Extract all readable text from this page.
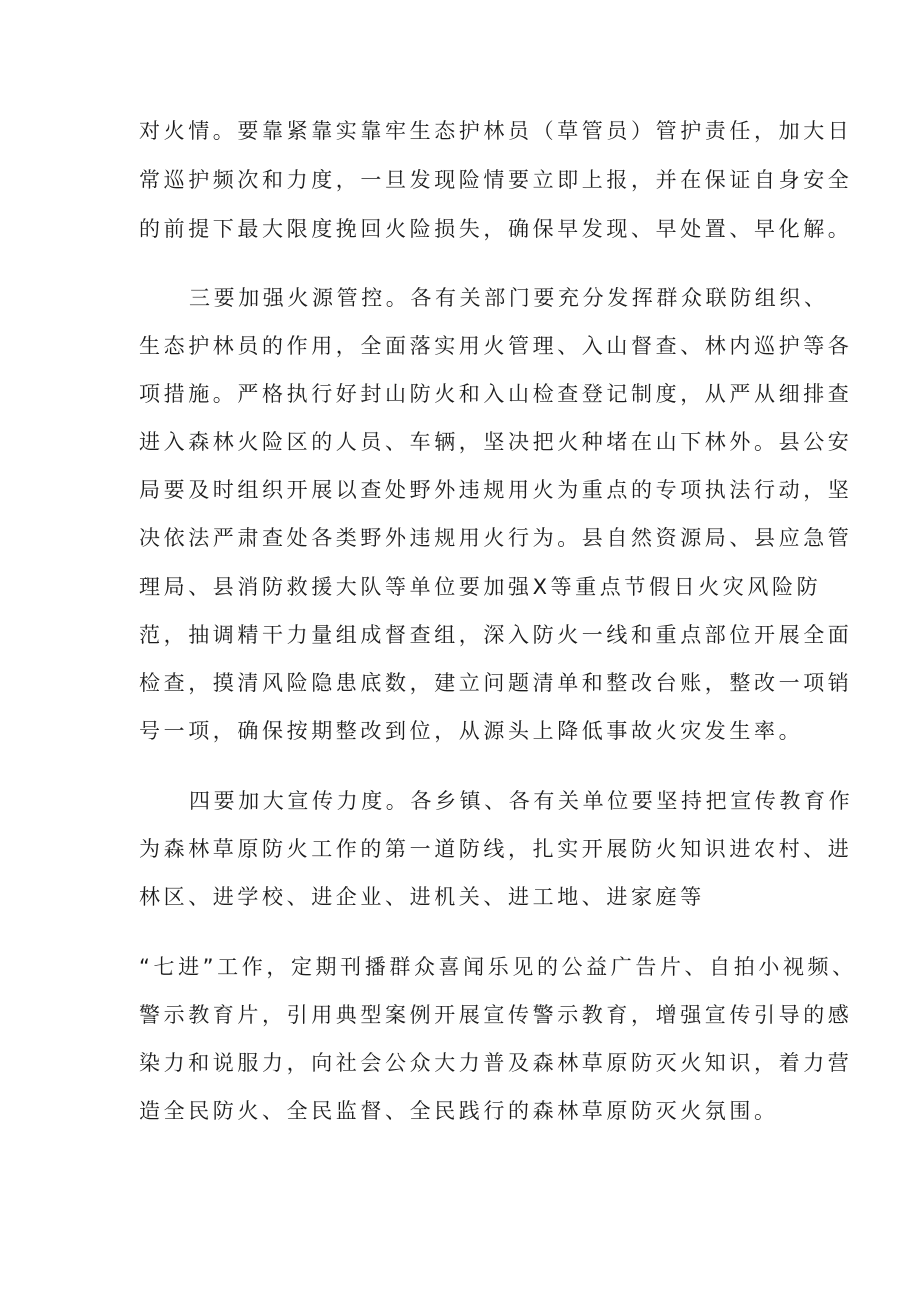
对火情。要靠紧靠实靠牢生态护林员（草管员）管护责任，加大日
常巡护频次和力度，一旦发现险情要立即上报，并在保证自身安全
的前提下最大限度挽回火险损失，确保早发现、早处置、早化解。
三要加强火源管控。各有关部门要充分发挥群众联防组织、
生态护林员的作用，全面落实用火管理、入山督查、林内巡护等各
项措施。严格执行好封山防火和入山检查登记制度，从严从细排查
进入森林火险区的人员、车辆，坚决把火种堵在山下林外。县公安
局要及时组织开展以查处野外违规用火为重点的专项执法行动，坚
决依法严肃查处各类野外违规用火行为。县自然资源局、县应急管
理局、县消防救援大队等单位要加强X等重点节假日火灾风险防
范，抽调精干力量组成督查组，深入防火一线和重点部位开展全面
检查，摸清风险隐患底数，建立问题清单和整改台账，整改一项销
号一项，确保按期整改到位，从源头上降低事故火灾发生率。
四要加大宣传力度。各乡镇、各有关单位要坚持把宣传教育作
为森林草原防火工作的第一道防线，扎实开展防火知识进农村、进
林区、进学校、进企业、进机关、进工地、进家庭等
“七进”工作，定期刊播群众喜闻乐见的公益广告片、自拍小视频、
警示教育片，引用典型案例开展宣传警示教育，增强宣传引导的感
染力和说服力，向社会公众大力普及森林草原防灭火知识，着力营
造全民防火、全民监督、全民践行的森林草原防灭火氛围。
